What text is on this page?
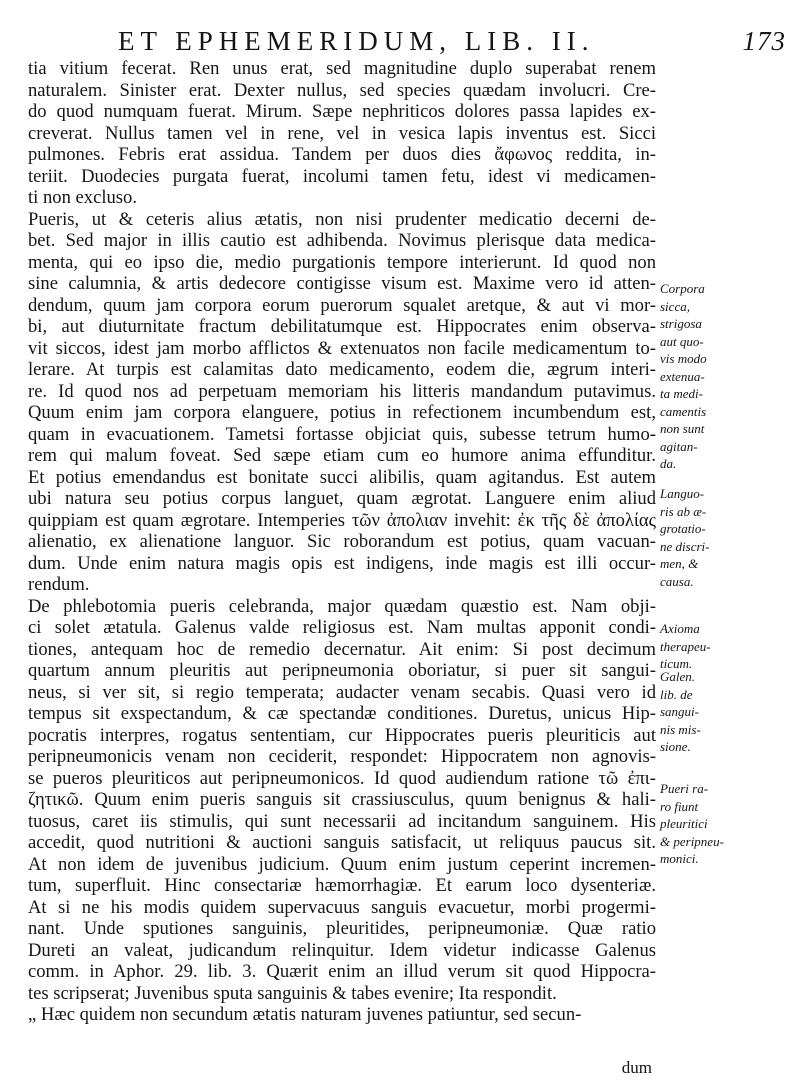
ET EPHEMERIDUM, LIB. II.	173
tia vitium fecerat. Ren unus erat, sed magnitudine duplo superabat renem
naturalem. Sinister erat. Dexter nullus, sed species quædam involucri. Cre-
do quod numquam fuerat. Mirum. Sæpe nephriticos dolores passa lapides ex-
creverat. Nullus tamen vel in rene, vel in vesica lapis inventus est. Sicci
pulmones. Febris erat assidua. Tandem per duos dies ἄφωνος reddita, in-
teriit. Duodecies purgata fuerat, incolumi tamen fetu, idest vi medicamen-
ti non excluso.
Pueris, ut & ceteris alius ætatis, non nisi prudenter medicatio decerni de-
bet. Sed major in illis cautio est adhibenda. Novimus plerisque data medica-
menta, qui eo ipso die, medio purgationis tempore interierunt. Id quod non
sine calumnia, & artis dedecore contigisse visum est. Maxime vero id atten-
dendum, quum jam corpora eorum puerorum squalet aretque, & aut vi mor-
bi, aut diuturnitate fractum debilitatumque est. Hippocrates enim observa-
vit siccos, idest jam morbo afflictos & extenuatos non facile medicamentum to-
lerare. At turpis est calamitas dato medicamento, eodem die, ægrum interi-
re. Id quod nos ad perpetuam memoriam his litteris mandandum putavimus.
Quum enim jam corpora elanguere, potius in refectionem incumbendum est,
quam in evacuationem. Tametsi fortasse objiciat quis, subesse tetrum humo-
rem qui malum foveat. Sed sæpe etiam cum eo humore anima effunditur.
Et potius emendandus est bonitate succi alibilis, quam agitandus. Est autem
ubi natura seu potius corpus languet, quam ægrotat. Languere enim aliud
quippiam est quam ægrotare. Intemperies τῶν ἀπολιαν invehit: ἐκ τῆς δὲ ἀπολίας
alienatio, ex alienatione languor. Sic roborandum est potius, quam vacuan-
dum. Unde enim natura magis opis est indigens, inde magis est illi occur-
rendum.
De phlebotomia pueris celebranda, major quædam quæstio est. Nam obji-
ci solet ætatula. Galenus valde religiosus est. Nam multas apponit condi-
tiones, antequam hoc de remedio decernatur. Ait enim: Si post decimum
quartum annum pleuritis aut peripneumonia oboriatur, si puer sit sangui-
neus, si ver sit, si regio temperata; audacter venam secabis. Quasi vero id
tempus sit exspectandum, & cæ spectandæ conditiones. Duretus, unicus Hip-
pocratis interpres, rogatus sententiam, cur Hippocrates pueris pleuriticis aut
peripneumonicis venam non ceciderit, respondet: Hippocratem non agnovis-
se pueros pleuriticos aut peripneumonicos. Id quod audiendum ratione τῶ ἐπι-
ζητικῶ. Quum enim pueris sanguis sit crassiusculus, quum benignus & hali-
tuosus, caret iis stimulis, qui sunt necessarii ad incitandum sanguinem. His
accedit, quod nutritioni & auctioni sanguis satisfacit, ut reliquus paucus sit.
At non idem de juvenibus judicium. Quum enim justum ceperint incremen-
tum, superfluit. Hinc consectariæ hæmorrhagiæ. Et earum loco dysenteriæ.
At si ne his modis quidem supervacuus sanguis evacuetur, morbi progermi-
nant. Unde sputiones sanguinis, pleuritides, peripneumoniæ. Quæ ratio
Dureti an valeat, judicandum relinquitur. Idem videtur indicasse Galenus
comm. in Aphor. 29. lib. 3. Quærit enim an illud verum sit quod Hippocra-
tes scripserat; Juvenibus sputa sanguinis & tabes evenire; Ita respondit.
„ Hæc quidem non secundum ætatis naturam juvenes patiuntur, sed secun-
Corpora
sicca,
strigosa
aut quo-
vis modo
extenua-
ta medi-
camentis
non sunt
agitan-
da.
Languo-
ris ab æ-
grotatio-
ne discri-
men, &
causa.
Axioma
therapeu-
ticum.
Galen.
lib. de
sangui-
nis mis-
sione.
Pueri ra-
ro fiunt
pleuritici
& peripneu-
monici.
dum
